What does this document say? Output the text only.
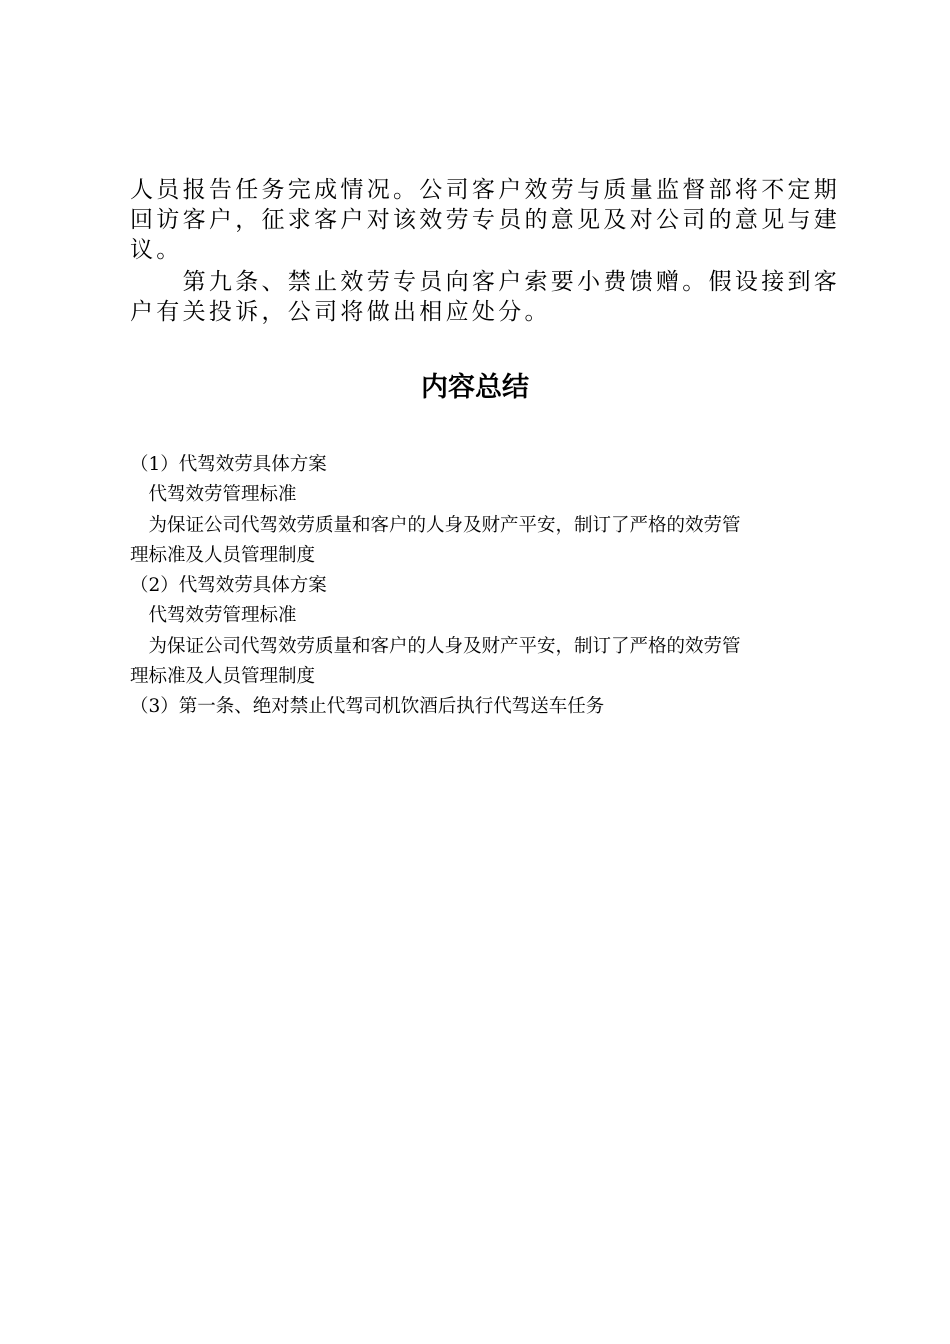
人员报告任务完成情况。公司客户效劳与质量监督部将不定期

回访客户，征求客户对该效劳专员的意见及对公司的意见与建

议。

　　第九条、禁止效劳专员向客户索要小费馈赠。假设接到客

户有关投诉，公司将做出相应处分。

内容总结

（1）代驾效劳具体方案

　代驾效劳管理标准

　为保证公司代驾效劳质量和客户的人身及财产平安，制订了严格的效劳管

理标准及人员管理制度

（2）代驾效劳具体方案

　代驾效劳管理标准

　为保证公司代驾效劳质量和客户的人身及财产平安，制订了严格的效劳管

理标准及人员管理制度

（3）第一条、绝对禁止代驾司机饮酒后执行代驾送车任务
